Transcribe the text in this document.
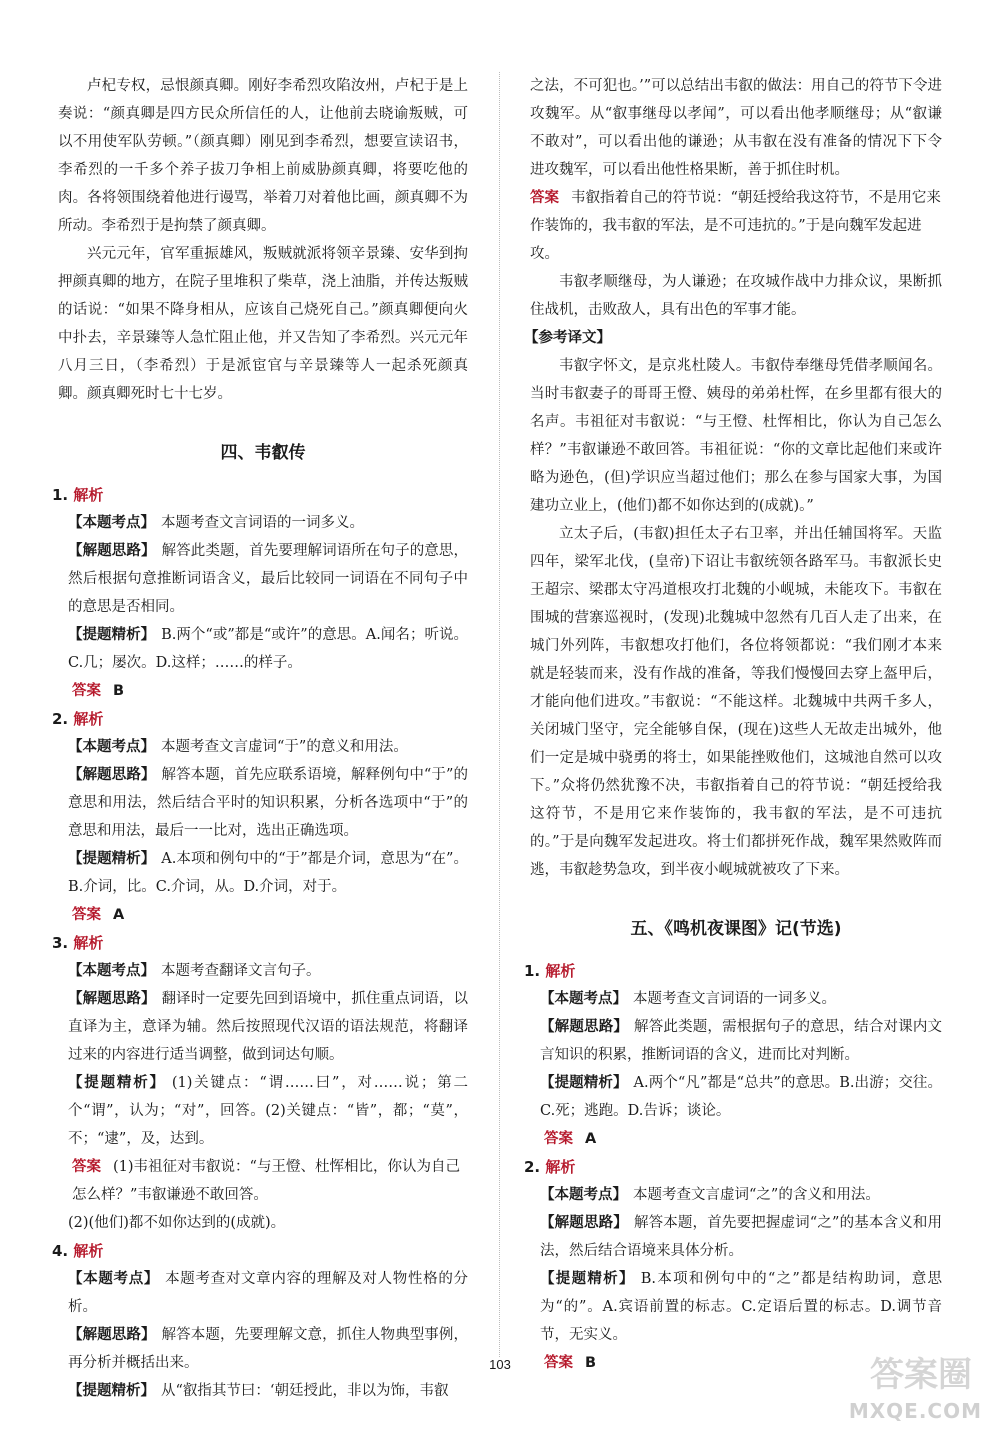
卢杞专权，忌恨颜真卿。刚好李希烈攻陷汝州，卢杞于是上奏说：“颜真卿是四方民众所信任的人，让他前去晓谕叛贼，可以不用使军队劳顿。”（颜真卿）刚见到李希烈，想要宣读诏书，李希烈的一千多个养子拔刀争相上前威胁颜真卿，将要吃他的肉。各将领围绕着他进行谩骂，举着刀对着他比画，颜真卿不为所动。李希烈于是拘禁了颜真卿。

兴元元年，官军重振雄风，叛贼就派将领辛景臻、安华到拘押颜真卿的地方，在院子里堆积了柴草，浇上油脂，并传达叛贼的话说：“如果不降身相从，应该自己烧死自己。”颜真卿便向火中扑去，辛景臻等人急忙阻止他，并又告知了李希烈。兴元元年八月三日，（李希烈）于是派宦官与辛景臻等人一起杀死颜真卿。颜真卿死时七十七岁。

四、韦叡传
1. 解析
【本题考点】 本题考查文言词语的一词多义。
【解题思路】 解答此类题，首先要理解词语所在句子的意思，然后根据句意推断词语含义，最后比较同一词语在不同句子中的意思是否相同。
【提题精析】 B.两个“或”都是“或许”的意思。A.闻名；听说。C.几；屡次。D.这样；……的样子。
答案 B
2. 解析
【本题考点】 本题考查文言虚词“于”的意义和用法。
【解题思路】 解答本题，首先应联系语境，解释例句中“于”的意思和用法，然后结合平时的知识积累，分析各选项中“于”的意思和用法，最后一一比对，选出正确选项。
【提题精析】 A.本项和例句中的“于”都是介词，意思为“在”。B.介词，比。C.介词，从。D.介词，对于。
答案 A
3. 解析
【本题考点】 本题考查翻译文言句子。
【解题思路】 翻译时一定要先回到语境中，抓住重点词语，以直译为主，意译为辅。然后按照现代汉语的语法规范，将翻译过来的内容进行适当调整，做到词达句顺。
【提题精析】 (1)关键点：“谓……曰”，对……说；第二个“谓”，认为；“对”，回答。(2)关键点：“皆”，都；“莫”，不；“逮”，及，达到。
答案 (1)韦祖征对韦叡说：“与王憕、杜恽相比，你认为自己怎么样？”韦叡谦逊不敢回答。
(2)(他们)都不如你达到的(成就)。
4. 解析
【本题考点】 本题考查对文章内容的理解及对人物性格的分析。
【解题思路】 解答本题，先要理解文意，抓住人物典型事例，再分析并概括出来。
【提题精析】 从“叡指其节曰：‘朝廷授此，非以为饰，韦叡

之法，不可犯也。’”可以总结出韦叡的做法：用自己的符节下令进攻魏军。从“叡事继母以孝闻”，可以看出他孝顺继母；从“叡谦不敢对”，可以看出他的谦逊；从韦叡在没有准备的情况下下令进攻魏军，可以看出他性格果断，善于抓住时机。

答案 韦叡指着自己的符节说：“朝廷授给我这符节，不是用它来作装饰的，我韦叡的军法，是不可违抗的。”于是向魏军发起进攻。

韦叡孝顺继母，为人谦逊；在攻城作战中力排众议，果断抓住战机，击败敌人，具有出色的军事才能。

【参考译文】

韦叡字怀文，是京兆杜陵人。韦叡侍奉继母凭借孝顺闻名。当时韦叡妻子的哥哥王憕、姨母的弟弟杜恽，在乡里都有很大的名声。韦祖征对韦叡说：“与王憕、杜恽相比，你认为自己怎么样？”韦叡谦逊不敢回答。韦祖征说：“你的文章比起他们来或许略为逊色，(但)学识应当超过他们；那么在参与国家大事，为国建功立业上，(他们)都不如你达到的(成就)。”

立太子后，(韦叡)担任太子右卫率，并出任辅国将军。天监四年，梁军北伐，(皇帝)下诏让韦叡统领各路军马。韦叡派长史王超宗、梁郡太守冯道根攻打北魏的小岘城，未能攻下。韦叡在围城的营寨巡视时，(发现)北魏城中忽然有几百人走了出来，在城门外列阵，韦叡想攻打他们，各位将领都说：“我们刚才本来就是轻装而来，没有作战的准备，等我们慢慢回去穿上盔甲后，才能向他们进攻。”韦叡说：“不能这样。北魏城中共两千多人，关闭城门坚守，完全能够自保，(现在)这些人无故走出城外，他们一定是城中骁勇的将士，如果能挫败他们，这城池自然可以攻下。”众将仍然犹豫不决，韦叡指着自己的符节说：“朝廷授给我这符节，不是用它来作装饰的，我韦叡的军法，是不可违抗的。”于是向魏军发起进攻。将士们都拼死作战，魏军果然败阵而逃，韦叡趁势急攻，到半夜小岘城就被攻了下来。

五、《鸣机夜课图》记(节选)
1. 解析
【本题考点】 本题考查文言词语的一词多义。
【解题思路】 解答此类题，需根据句子的意思，结合对课内文言知识的积累，推断词语的含义，进而比对判断。
【提题精析】 A.两个“凡”都是“总共”的意思。B.出游；交往。C.死；逃跑。D.告诉；谈论。
答案 A
2. 解析
【本题考点】 本题考查文言虚词“之”的含义和用法。
【解题思路】 解答本题，首先要把握虚词“之”的基本含义和用法，然后结合语境来具体分析。
【提题精析】 B.本项和例句中的“之”都是结构助词，意思为“的”。A.宾语前置的标志。C.定语后置的标志。D.调节音节，无实义。
答案 B
103	答案圈
MXQE.COM
